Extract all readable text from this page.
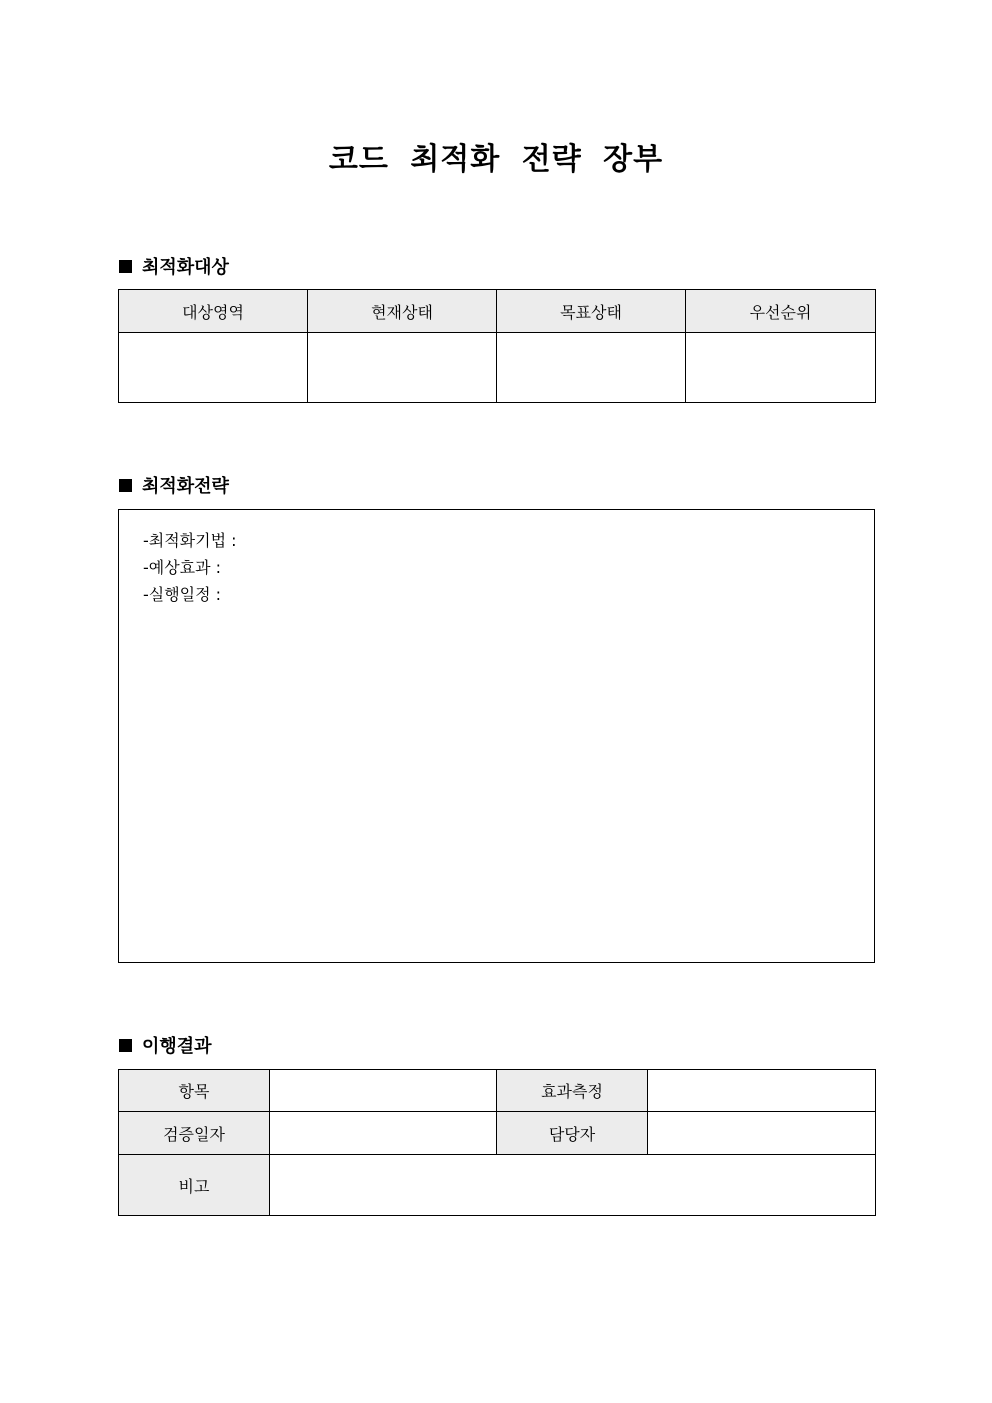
코드 최적화 전략 장부
최적화대상
대상영역	현재상태	목표상태	우선순위

최적화전략
-최적화기법 :
-예상효과 :
-실행일정 :
이행결과
항목		효과측정	
검증일자		담당자	
비고			
